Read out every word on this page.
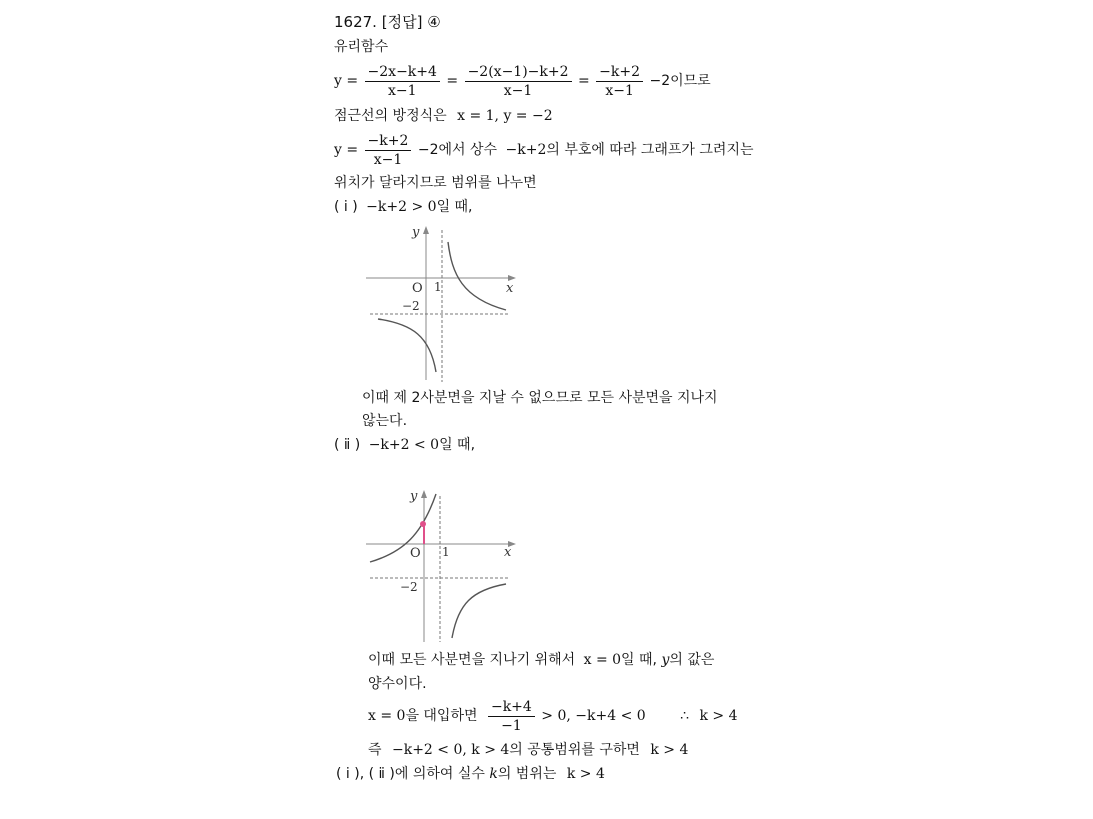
1627. [정답] ④
유리함수
$y = \frac{-2x-k+4}{x-1} = \frac{-2(x-1)-k+2}{x-1} = \frac{-k+2}{x-1} -2$이므로
점근선의 방정식은 x = 1, y = −2
$y = \frac{-k+2}{x-1} -2$에서 상수 −k+2의 부호에 따라 그래프가 그려지는
위치가 달라지므로 범위를 나누면
( ⅰ ) −k+2 > 0일 때,
y
x
O 1
−2
이때 제 2사분면을 지날 수 없으므로 모든 사분면을 지나지
않는다.
( ⅱ ) −k+2 < 0일 때,
y
x
O 1
−2
이때 모든 사분면을 지나기 위해서 x = 0일 때, y의 값은
양수이다.
x = 0을 대입하면 $\frac{-k+4}{-1} > 0$, −k+4 < 0 ∴ k > 4
즉 −k+2 < 0, k > 4의 공통범위를 구하면 k > 4
( ⅰ ), ( ⅱ )에 의하여 실수 k의 범위는 k > 4
